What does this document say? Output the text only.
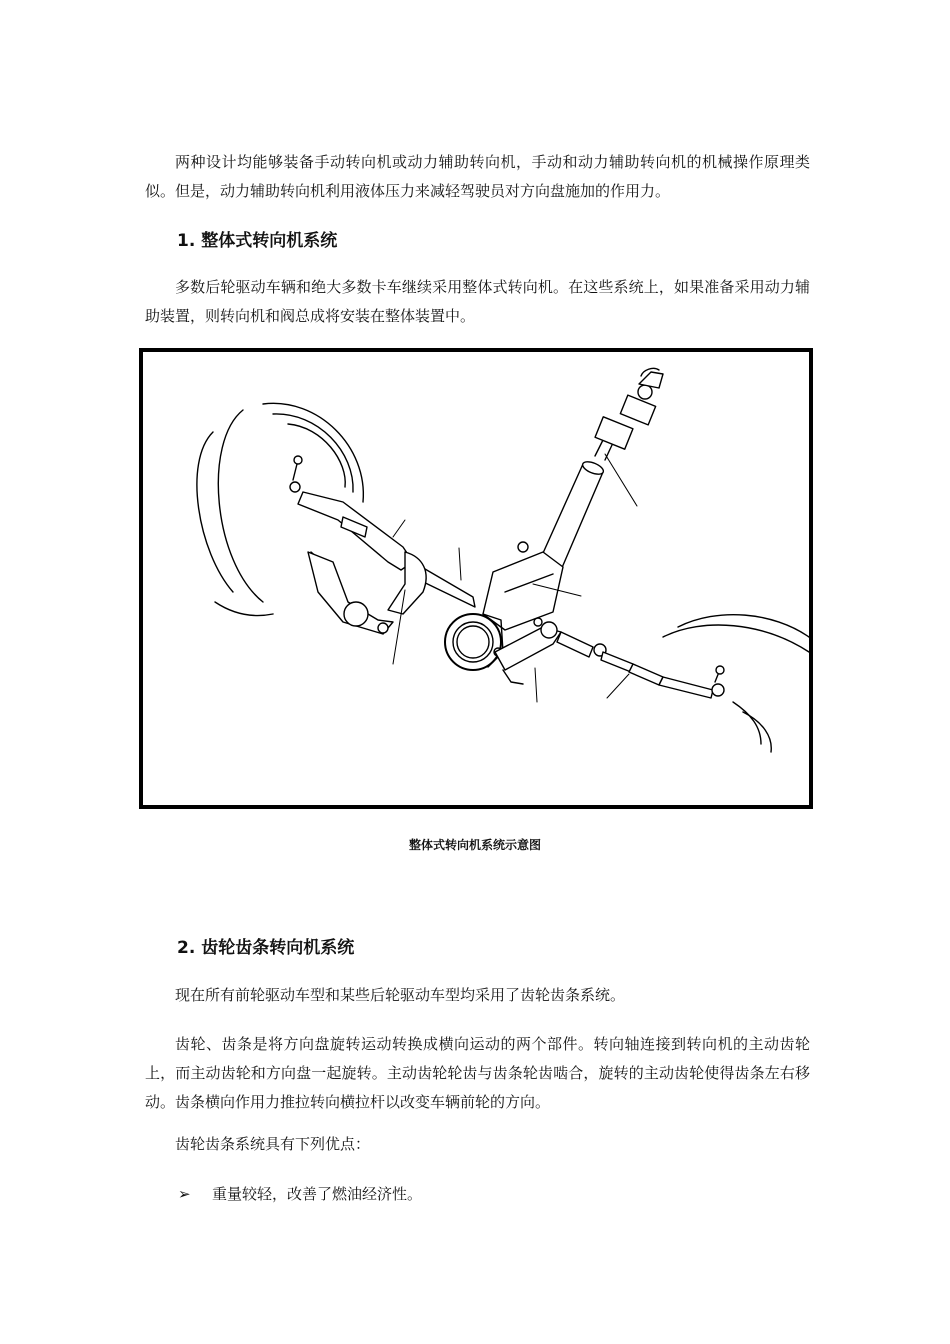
两种设计均能够装备手动转向机或动力辅助转向机，手动和动力辅助转向机的机械操作原理类似。但是，动力辅助转向机利用液体压力来减轻驾驶员对方向盘施加的作用力。

1. 整体式转向机系统

多数后轮驱动车辆和绝大多数卡车继续采用整体式转向机。在这些系统上，如果准备采用动力辅助装置，则转向机和阀总成将安装在整体装置中。

整体式转向机系统示意图
2. 齿轮齿条转向机系统

现在所有前轮驱动车型和某些后轮驱动车型均采用了齿轮齿条系统。

齿轮、齿条是将方向盘旋转运动转换成横向运动的两个部件。转向轴连接到转向机的主动齿轮上，而主动齿轮和方向盘一起旋转。主动齿轮轮齿与齿条轮齿啮合，旋转的主动齿轮使得齿条左右移动。齿条横向作用力推拉转向横拉杆以改变车辆前轮的方向。

齿轮齿条系统具有下列优点：

➢ 重量较轻，改善了燃油经济性。
